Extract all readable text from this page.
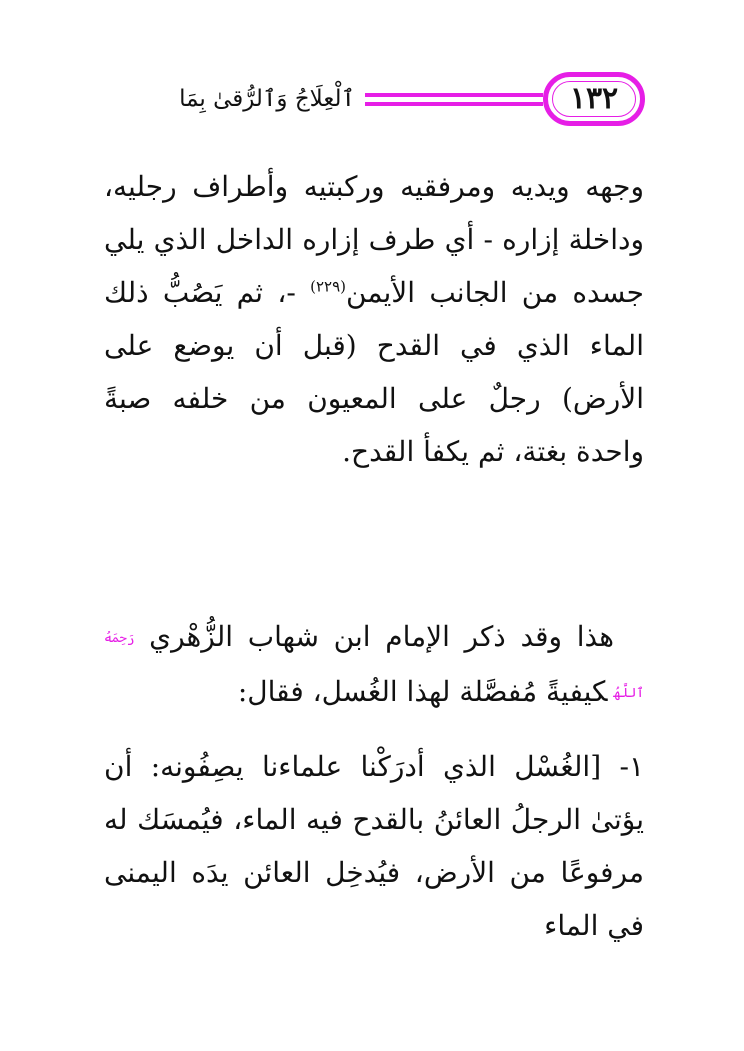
١٣٢
ٱلْعِلَاجُ وَٱلرُّقىٰ بِمَا

وجهه ويديه ومرفقيه وركبتيه وأطراف رجليه، وداخلة إزاره - أي طرف إزاره الداخل الذي يلي جسده من الجانب الأيمن$^{(٢٢٩)}$ -، ثم يَصُبُّ ذلك الماء الذي في القدح (قبل أن يوضع على الأرض) رجلٌ على المعيون من خلفه صبةً واحدة بغتة، ثم يكفأ القدح.

هذا وقد ذكر الإمام ابن شهاب الزُّهْري رَحِمَهُ ٱللَّهُكيفيةً مُفصَّلة لهذا الغُسل، فقال:

١- [الغُسْل الذي أدرَكْنا علماءنا يصِفُونه: أن يؤتىٰ الرجلُ العائنُ بالقدح فيه الماء، فيُمسَك له مرفوعًا من الأرض، فيُدخِل العائن يدَه اليمنى في الماء
